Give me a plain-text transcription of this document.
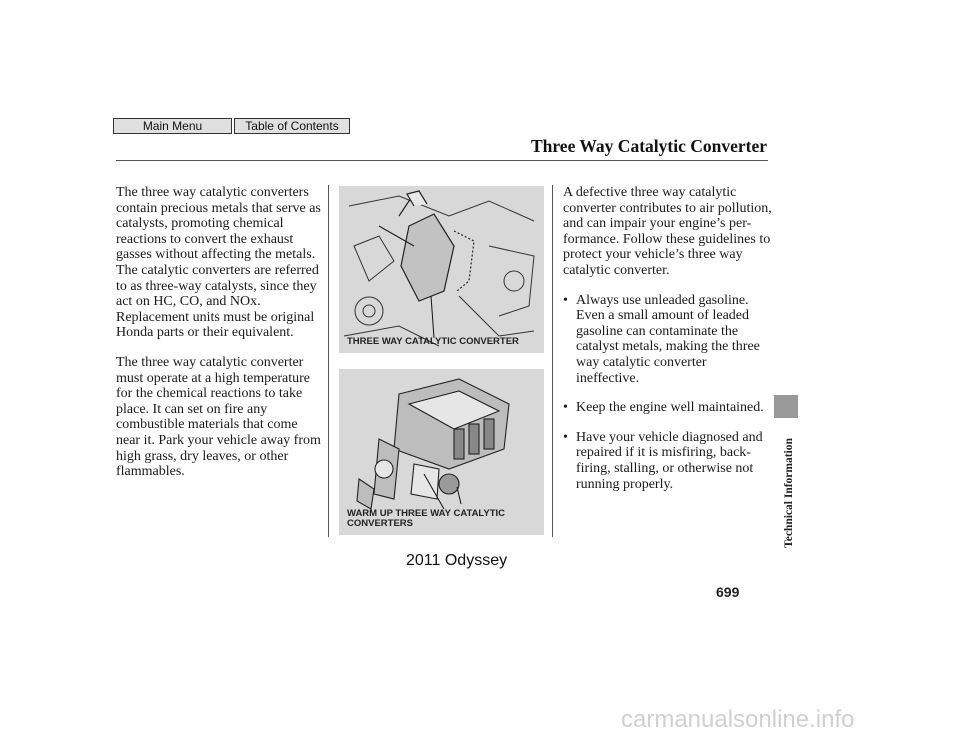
Main Menu	Table of Contents
Three Way Catalytic Converter

The three way catalytic converters
contain precious metals that serve as
catalysts, promoting chemical
reactions to convert the exhaust
gasses without affecting the metals.
The catalytic converters are referred
to as three-way catalysts, since they
act on HC, CO, and NOx.
Replacement units must be original
Honda parts or their equivalent.

The three way catalytic converter
must operate at a high temperature
for the chemical reactions to take
place. It can set on fire any
combustible materials that come
near it. Park your vehicle away from
high grass, dry leaves, or other
flammables.

THREE WAY CATALYTIC CONVERTER
WARM UP THREE WAY CATALYTIC
CONVERTERS

A defective three way catalytic
converter contributes to air pollution,
and can impair your engine’s per-
formance. Follow these guidelines to
protect your vehicle’s three way
catalytic converter.

• Always use unleaded gasoline.
Even a small amount of leaded
gasoline can contaminate the
catalyst metals, making the three
way catalytic converter ineffective.

• Keep the engine well maintained.

• Have your vehicle diagnosed and
repaired if it is misfiring, back-
firing, stalling, or otherwise not
running properly.	Technical Information
2011 Odyssey
699
carmanualsonline.info
